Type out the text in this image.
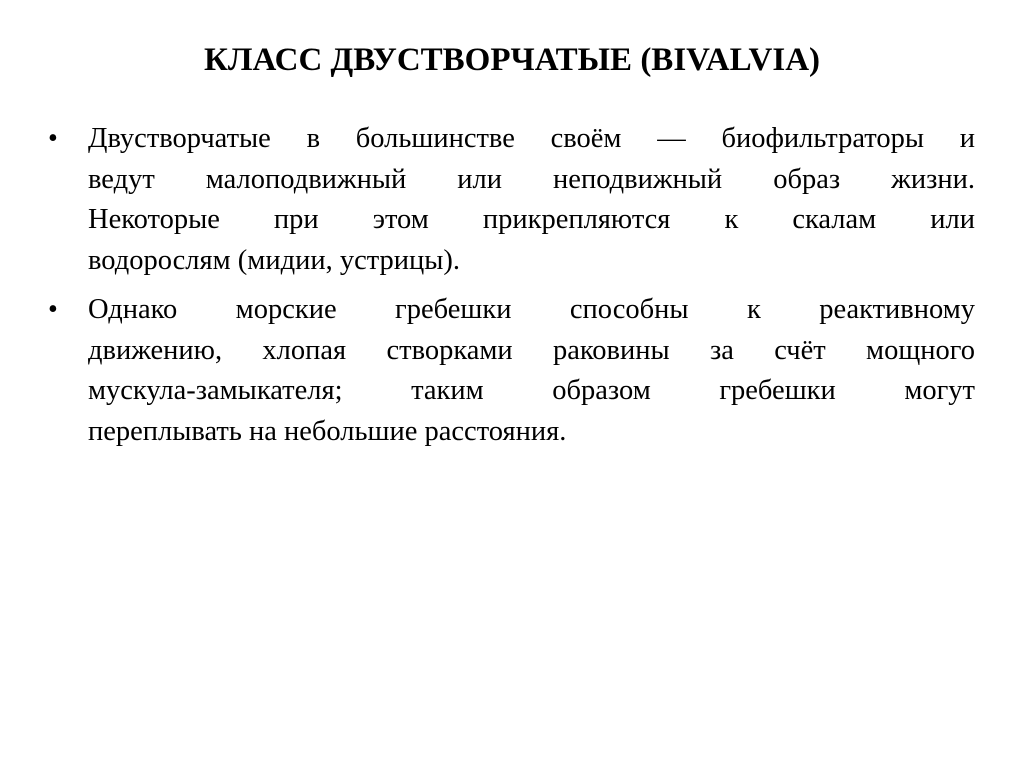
КЛАСС ДВУСТВОРЧАТЫЕ (BIVALVIA)
• Двустворчатые в большинстве своём — биофильтраторы и
ведут малоподвижный или неподвижный образ жизни.
Некоторые при этом прикрепляются к скалам или
водорослям (мидии, устрицы).
• Однако морские гребешки способны к реактивному
движению, хлопая створками раковины за счёт мощного
мускула-замыкателя; таким образом гребешки могут
переплывать на небольшие расстояния.
